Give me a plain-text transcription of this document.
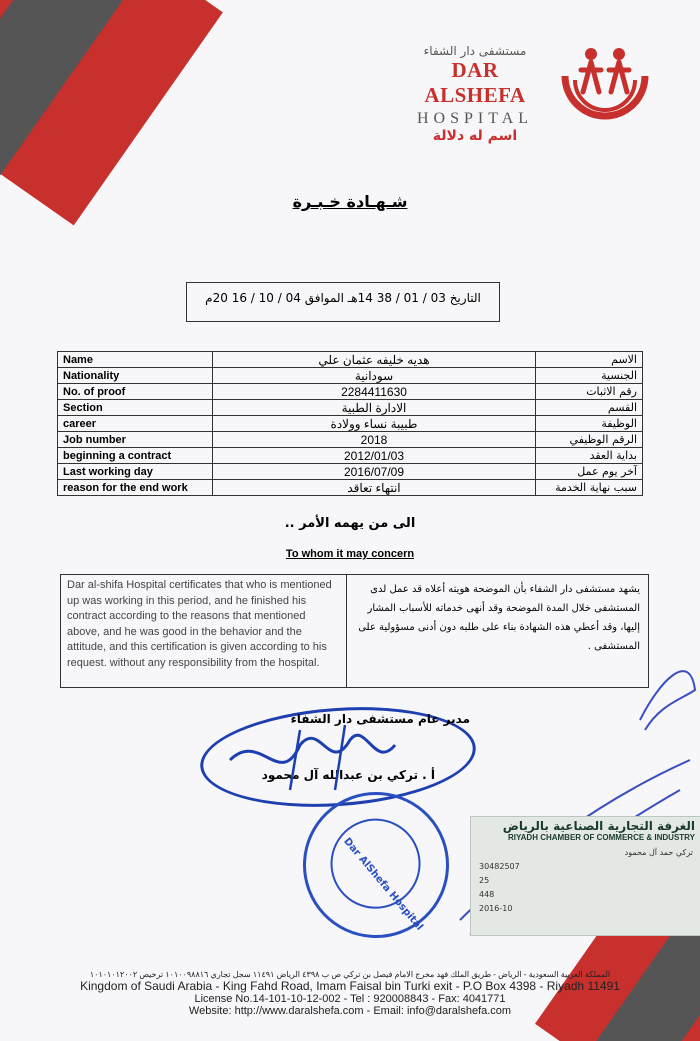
مستشفى دار الشفاء
DAR ALSHEFA
HOSPITAL
اسم له دلالة
شـهـادة خـبـرة
التاريخ 03 / 01 / 38 14هـ الموافق 04 / 10 / 16 20م
Name	هديه خليفه عثمان علي	الاسم
Nationality	سودانية	الجنسية
No. of proof	2284411630	رقم الاثبات
Section	الادارة الطبية	القسم
career	طبيبة نساء وولادة	الوظيفة
Job number	2018	الرقم الوظيفي
beginning a contract	2012/01/03	بداية العقد
Last working day	2016/07/09	آخر يوم عمل
reason for the end work	انتهاء تعاقد	سبب نهاية الخدمة
الى من يهمه الأمر ..
To whom it may concern
Dar al-shifa Hospital certificates that who is mentioned up was working in this period, and he finished his contract according to the reasons that mentioned above, and he was good in the behavior and the attitude, and this certification is given according to his request. without any responsibility from the hospital.
يشهد مستشفى دار الشفاء بأن الموضحة هويته أعلاه قد عمل لدى المستشفى خلال المدة الموضحة وقد أنهى خدماته للأسباب المشار إليها، وقد أعطي هذه الشهادة بناء على طلبه دون أدنى مسؤولية على المستشفى .
مدير عام مستشفى دار الشفاء
أ . تركي بن عبدالله آل محمود
Dar AlShefa Hospital
الغرفة التجارية الصناعية بالرياض
RIYADH CHAMBER OF COMMERCE & INDUSTRY
تركي حمد آل محمود
30482507
25
448
2016-10
المملكة العربية السعودية - الرياض - طريق الملك فهد مخرج الامام فيصل بن تركي ص ب ٤٣٩٨ الرياض ١١٤٩١ سجل تجاري ١٠١٠٠٩٨٨١٦ ترخيص ١٠١٠١٠١٢٠٠٢
Kingdom of Saudi Arabia - King Fahd Road, Imam Faisal bin Turki exit - P.O Box 4398 - Riyadh 11491
License No.14-101-10-12-002 - Tel : 920008843 - Fax: 4041771
Website: http://www.daralshefa.com - Email: info@daralshefa.com
